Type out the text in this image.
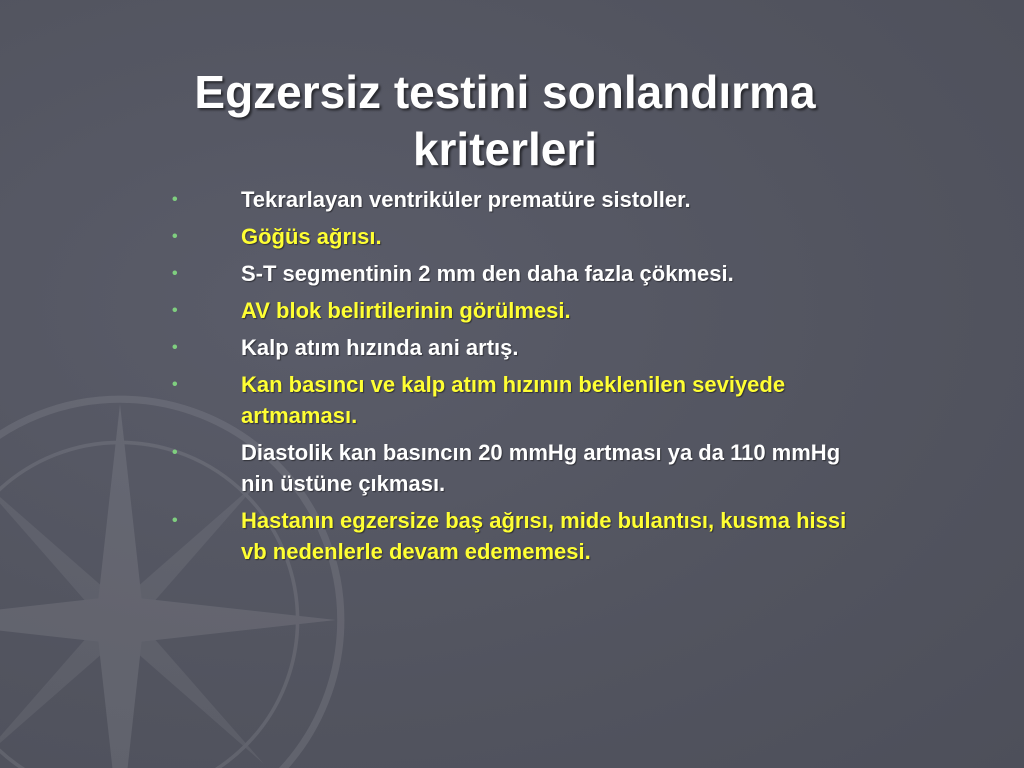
Egzersiz testini sonlandırma kriterleri
•	Tekrarlayan ventriküler prematüre sistoller.
•	Göğüs ağrısı.
•	S-T segmentinin 2 mm den daha fazla çökmesi.
•	AV blok belirtilerinin görülmesi.
•	Kalp atım hızında ani artış.
•	Kan basıncı ve kalp atım hızının beklenilen seviyede artmaması.
•	Diastolik kan basıncın 20 mmHg artması ya da 110 mmHg nin üstüne çıkması.
•	Hastanın egzersize baş ağrısı, mide bulantısı, kusma hissi vb nedenlerle devam edememesi.
